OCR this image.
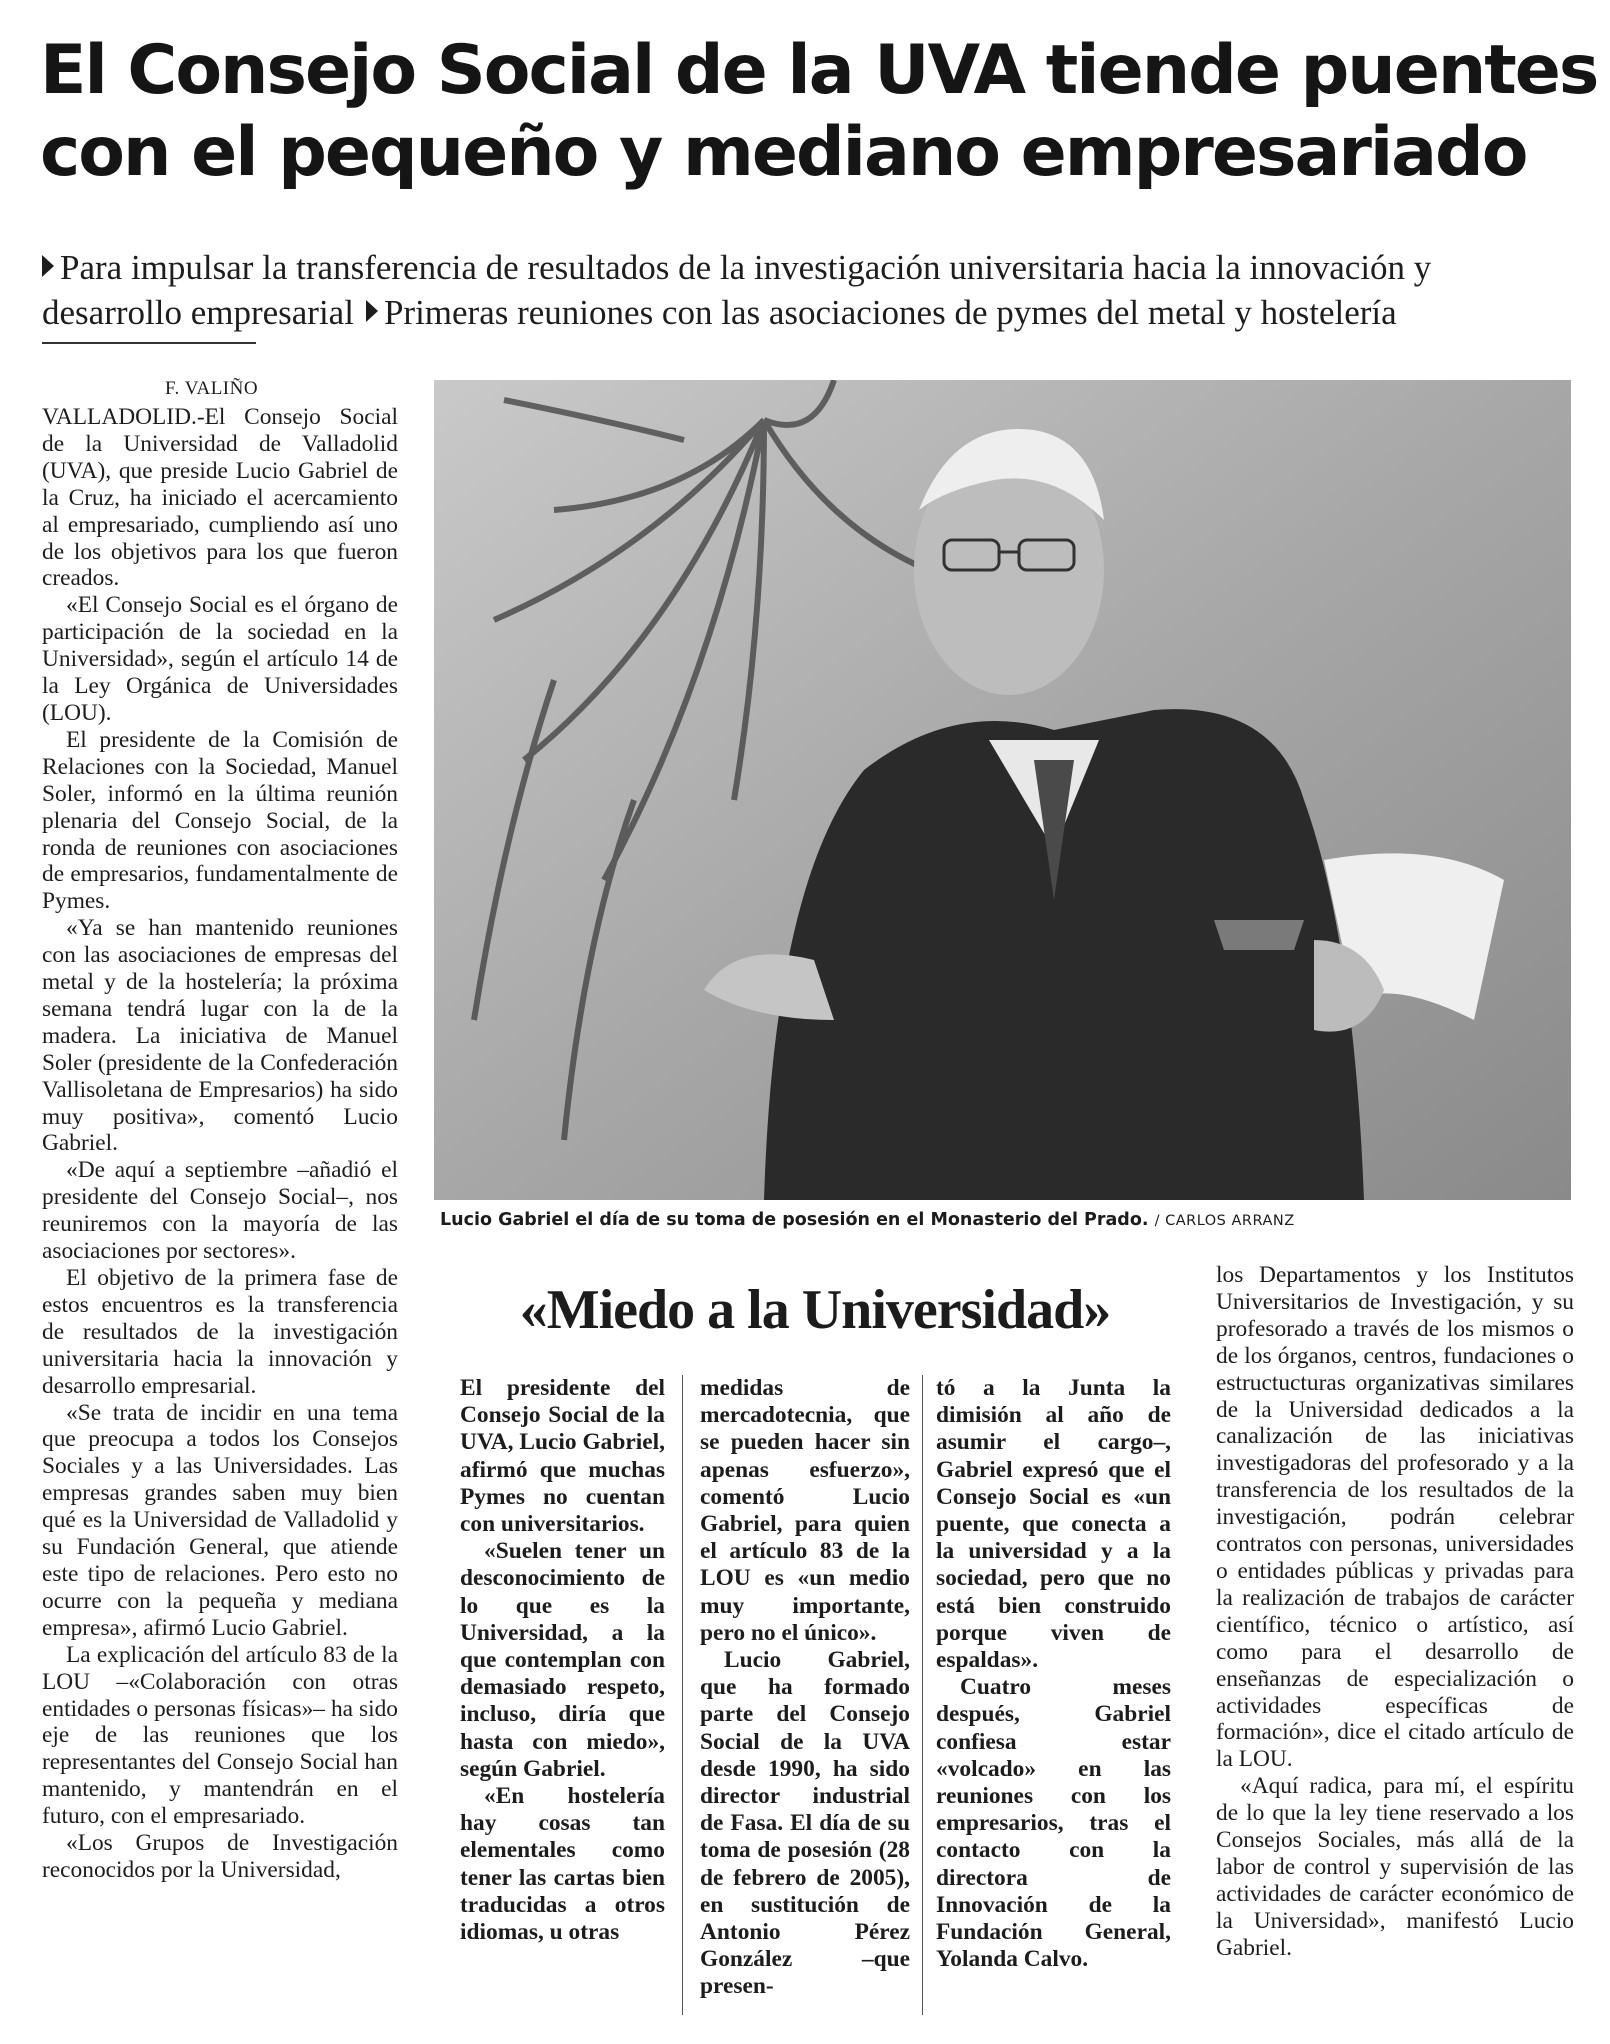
El Consejo Social de la UVA tiende puentes
con el pequeño y mediano empresariado
Para impulsar la transferencia de resultados de la investigación universitaria hacia la innovación y
desarrollo empresarial Primeras reuniones con las asociaciones de pymes del metal y hostelería
F. VALIÑO

VALLADOLID.-El Consejo Social de la Universidad de Valladolid (UVA), que preside Lucio Gabriel de la Cruz, ha iniciado el acercamiento al empresariado, cumpliendo así uno de los objetivos para los que fueron creados.

«El Consejo Social es el órgano de participación de la sociedad en la Universidad», según el artículo 14 de la Ley Orgánica de Universidades (LOU).

El presidente de la Comisión de Relaciones con la Sociedad, Manuel Soler, informó en la última reunión plenaria del Consejo Social, de la ronda de reuniones con asociaciones de empresarios, fundamentalmente de Pymes.

«Ya se han mantenido reuniones con las asociaciones de empresas del metal y de la hostelería; la próxima semana tendrá lugar con la de la madera. La iniciativa de Manuel Soler (presidente de la Confederación Vallisoletana de Empresarios) ha sido muy positiva», comentó Lucio Gabriel.

«De aquí a septiembre –añadió el presidente del Consejo Social–, nos reuniremos con la mayoría de las asociaciones por sectores».

El objetivo de la primera fase de estos encuentros es la transferencia de resultados de la investigación universitaria hacia la innovación y desarrollo empresarial.

«Se trata de incidir en una tema que preocupa a todos los Consejos Sociales y a las Universidades. Las empresas grandes saben muy bien qué es la Universidad de Valladolid y su Fundación General, que atiende este tipo de relaciones. Pero esto no ocurre con la pequeña y mediana empresa», afirmó Lucio Gabriel.

La explicación del artículo 83 de la LOU –«Colaboración con otras entidades o personas físicas»– ha sido eje de las reuniones que los representantes del Consejo Social han mantenido, y mantendrán en el futuro, con el empresariado.

«Los Grupos de Investigación reconocidos por la Universidad,

Lucio Gabriel el día de su toma de posesión en el Monasterio del Prado. / CARLOS ARRANZ
«Miedo a la Universidad»

El presidente del Consejo Social de la UVA, Lucio Gabriel, afirmó que muchas Pymes no cuentan con universitarios.

«Suelen tener un desconocimiento de lo que es la Universidad, a la que contemplan con demasiado respeto, incluso, diría que hasta con miedo», según Gabriel.

«En hostelería hay cosas tan elementales como tener las cartas bien traducidas a otros idiomas, u otras

medidas de mercadotecnia, que se pueden hacer sin apenas esfuerzo», comentó Lucio Gabriel, para quien el artículo 83 de la LOU es «un medio muy importante, pero no el único».

Lucio Gabriel, que ha formado parte del Consejo Social de la UVA desde 1990, ha sido director industrial de Fasa. El día de su toma de posesión (28 de febrero de 2005), en sustitución de Antonio Pérez González –que presen-

tó a la Junta la dimisión al año de asumir el cargo–, Gabriel expresó que el Consejo Social es «un puente, que conecta a la universidad y a la sociedad, pero que no está bien construido porque viven de espaldas».

Cuatro meses después, Gabriel confiesa estar «volcado» en las reuniones con los empresarios, tras el contacto con la directora de Innovación de la Fundación General, Yolanda Calvo.

los Departamentos y los Institutos Universitarios de Investigación, y su profesorado a través de los mismos o de los órganos, centros, fundaciones o estructucturas organizativas similares de la Universidad dedicados a la canalización de las iniciativas investigadoras del profesorado y a la transferencia de los resultados de la investigación, podrán celebrar contratos con personas, universidades o entidades públicas y privadas para la realización de trabajos de carácter científico, técnico o artístico, así como para el desarrollo de enseñanzas de especialización o actividades específicas de formación», dice el citado artículo de la LOU.

«Aquí radica, para mí, el espíritu de lo que la ley tiene reservado a los Consejos Sociales, más allá de la labor de control y supervisión de las actividades de carácter económico de la Universidad», manifestó Lucio Gabriel.
